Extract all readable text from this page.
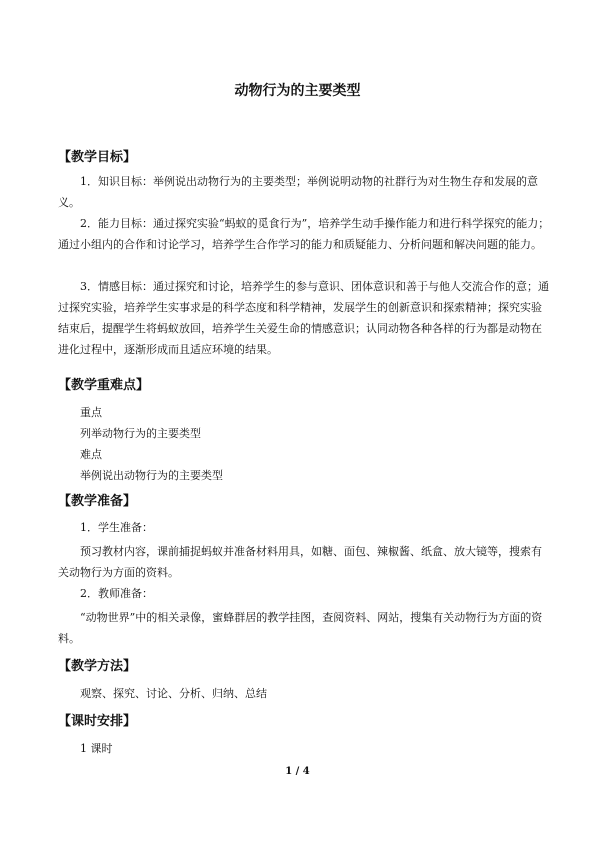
动物行为的主要类型
【教学目标】

1．知识目标：举例说出动物行为的主要类型；举例说明动物的社群行为对生物生存和发展的意义。

2．能力目标：通过探究实验“蚂蚁的觅食行为”，培养学生动手操作能力和进行科学探究的能力；通过小组内的合作和讨论学习，培养学生合作学习的能力和质疑能力、分析问题和解决问题的能力。

3．情感目标：通过探究和讨论，培养学生的参与意识、团体意识和善于与他人交流合作的意；通过探究实验，培养学生实事求是的科学态度和科学精神，发展学生的创新意识和探索精神；探究实验结束后，提醒学生将蚂蚁放回，培养学生关爱生命的情感意识；认同动物各种各样的行为都是动物在进化过程中，逐渐形成而且适应环境的结果。

【教学重难点】
重点
列举动物行为的主要类型
难点
举例说出动物行为的主要类型
【教学准备】

1．学生准备：

预习教材内容，课前捕捉蚂蚁并准备材料用具，如糖、面包、辣椒酱、纸盒、放大镜等，搜索有关动物行为方面的资料。

2．教师准备：

“动物世界”中的相关录像，蜜蜂群居的教学挂图，查阅资料、网站，搜集有关动物行为方面的资料。

【教学方法】
观察、探究、讨论、分析、归纳、总结
【课时安排】
1 课时
1 / 4
